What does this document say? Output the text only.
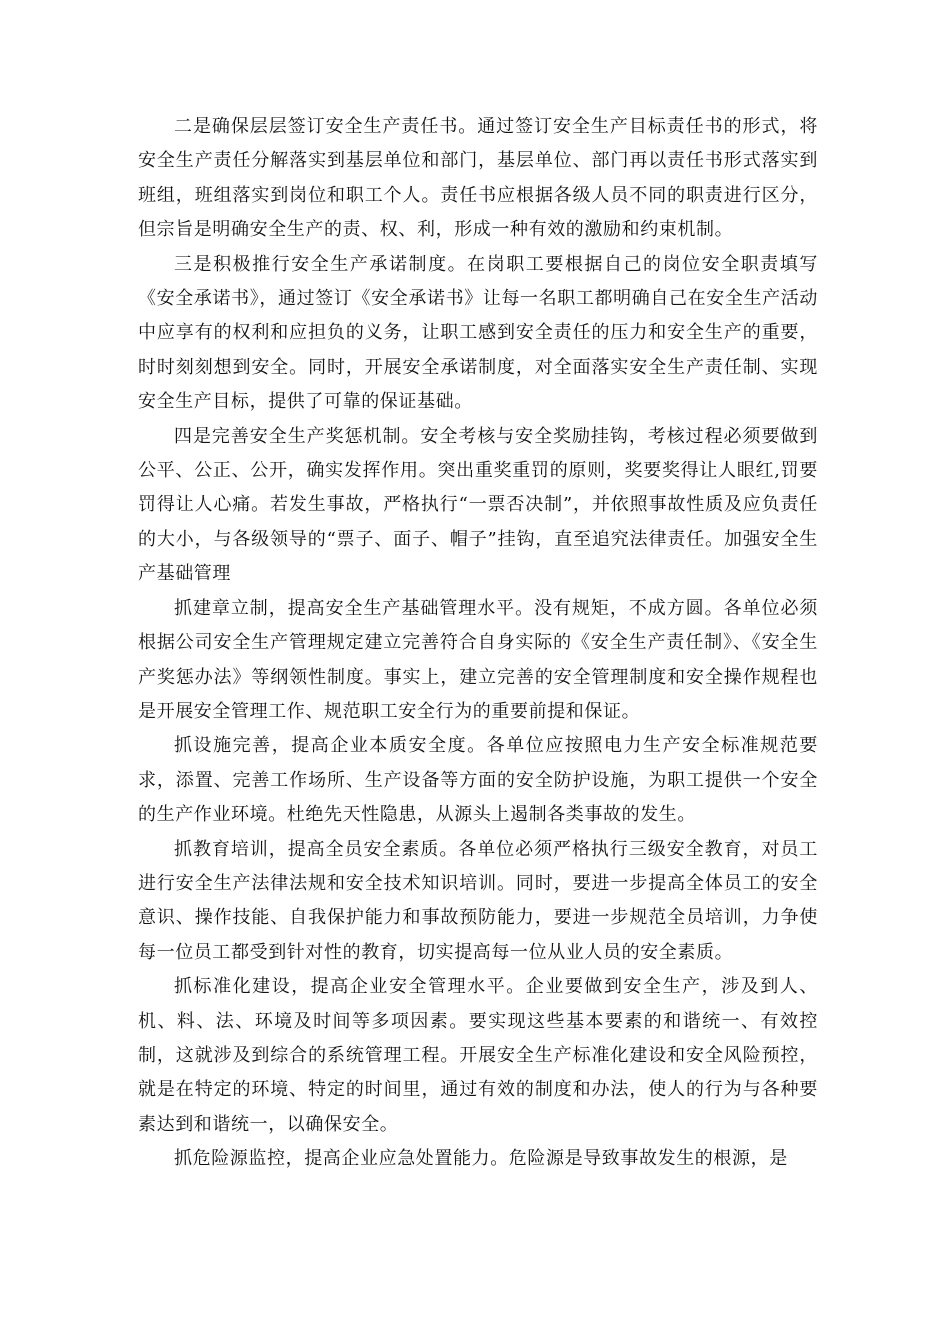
二是确保层层签订安全生产责任书。通过签订安全生产目标责任书的形式，将安全生产责任分解落实到基层单位和部门，基层单位、部门再以责任书形式落实到班组，班组落实到岗位和职工个人。责任书应根据各级人员不同的职责进行区分，但宗旨是明确安全生产的责、权、利，形成一种有效的激励和约束机制。

三是积极推行安全生产承诺制度。在岗职工要根据自己的岗位安全职责填写《安全承诺书》，通过签订《安全承诺书》让每一名职工都明确自己在安全生产活动中应享有的权利和应担负的义务，让职工感到安全责任的压力和安全生产的重要，时时刻刻想到安全。同时，开展安全承诺制度，对全面落实安全生产责任制、实现安全生产目标，提供了可靠的保证基础。

四是完善安全生产奖惩机制。安全考核与安全奖励挂钩，考核过程必须要做到公平、公正、公开，确实发挥作用。突出重奖重罚的原则，奖要奖得让人眼红,罚要罚得让人心痛。若发生事故，严格执行“一票否决制”，并依照事故性质及应负责任的大小，与各级领导的“票子、面子、帽子”挂钩，直至追究法律责任。加强安全生产基础管理

抓建章立制，提高安全生产基础管理水平。没有规矩，不成方圆。各单位必须根据公司安全生产管理规定建立完善符合自身实际的《安全生产责任制》、《安全生产奖惩办法》等纲领性制度。事实上，建立完善的安全管理制度和安全操作规程也是开展安全管理工作、规范职工安全行为的重要前提和保证。

抓设施完善，提高企业本质安全度。各单位应按照电力生产安全标准规范要求，添置、完善工作场所、生产设备等方面的安全防护设施，为职工提供一个安全的生产作业环境。杜绝先天性隐患，从源头上遏制各类事故的发生。

抓教育培训，提高全员安全素质。各单位必须严格执行三级安全教育，对员工进行安全生产法律法规和安全技术知识培训。同时，要进一步提高全体员工的安全意识、操作技能、自我保护能力和事故预防能力，要进一步规范全员培训，力争使每一位员工都受到针对性的教育，切实提高每一位从业人员的安全素质。

抓标准化建设，提高企业安全管理水平。企业要做到安全生产，涉及到人、机、料、法、环境及时间等多项因素。要实现这些基本要素的和谐统一、有效控制，这就涉及到综合的系统管理工程。开展安全生产标准化建设和安全风险预控，就是在特定的环境、特定的时间里，通过有效的制度和办法，使人的行为与各种要素达到和谐统一，以确保安全。

抓危险源监控，提高企业应急处置能力。危险源是导致事故发生的根源，是
